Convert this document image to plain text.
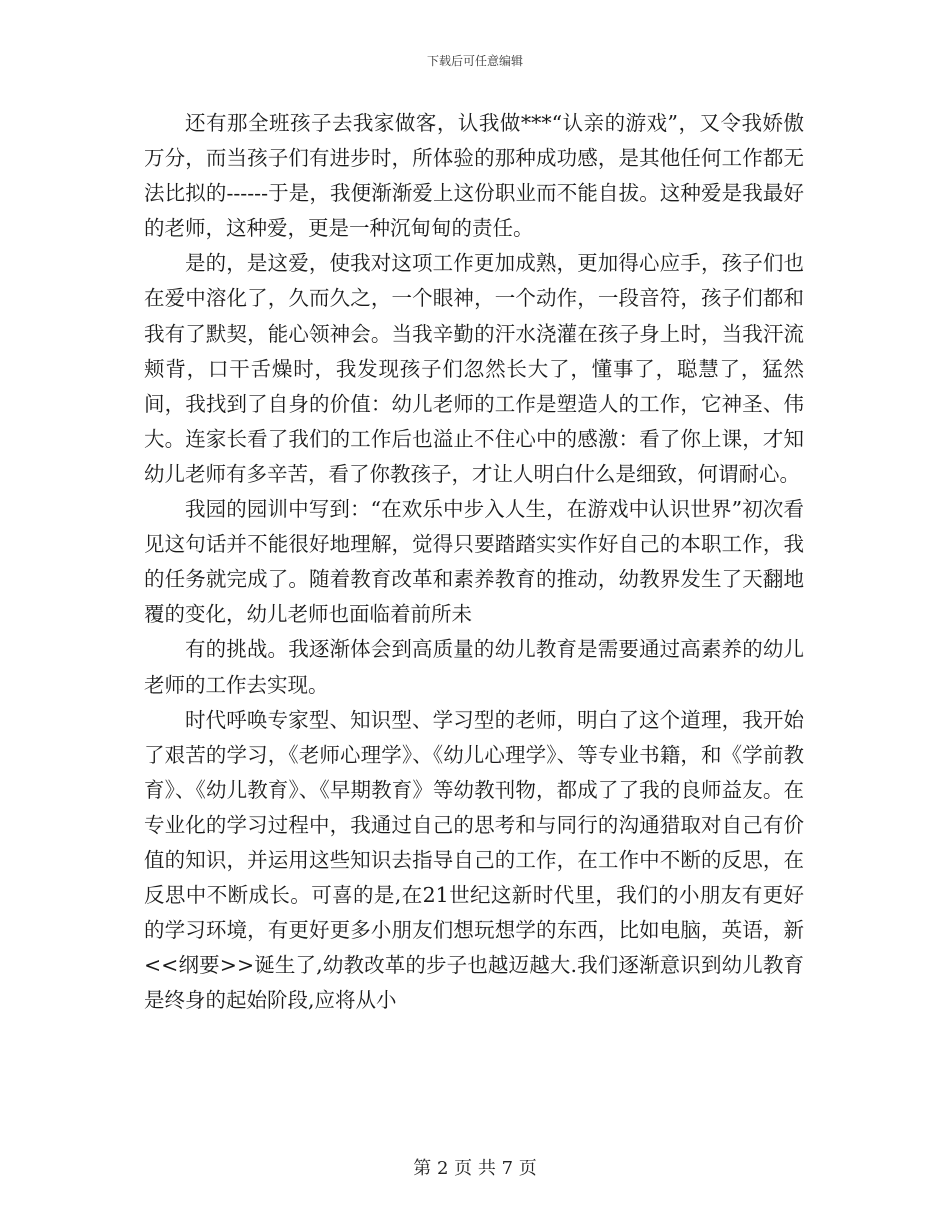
下载后可任意编辑

还有那全班孩子去我家做客，认我做***“认亲的游戏”，又令我娇傲万分，而当孩子们有进步时，所体验的那种成功感，是其他任何工作都无法比拟的------于是，我便渐渐爱上这份职业而不能自拔。这种爱是我最好的老师，这种爱，更是一种沉甸甸的责任。

是的，是这爱，使我对这项工作更加成熟，更加得心应手，孩子们也在爱中溶化了，久而久之，一个眼神，一个动作，一段音符，孩子们都和我有了默契，能心领神会。当我辛勤的汗水浇灌在孩子身上时，当我汗流颊背，口干舌燥时，我发现孩子们忽然长大了，懂事了，聪慧了，猛然间，我找到了自身的价值：幼儿老师的工作是塑造人的工作，它神圣、伟大。连家长看了我们的工作后也溢止不住心中的感激：看了你上课，才知幼儿老师有多辛苦，看了你教孩子，才让人明白什么是细致，何谓耐心。

我园的园训中写到：“在欢乐中步入人生，在游戏中认识世界”初次看见这句话并不能很好地理解，觉得只要踏踏实实作好自己的本职工作，我的任务就完成了。随着教育改革和素养教育的推动，幼教界发生了天翻地覆的变化，幼儿老师也面临着前所未

有的挑战。我逐渐体会到高质量的幼儿教育是需要通过高素养的幼儿老师的工作去实现。

时代呼唤专家型、知识型、学习型的老师，明白了这个道理，我开始了艰苦的学习，《老师心理学》、《幼儿心理学》、等专业书籍，和《学前教育》、《幼儿教育》、《早期教育》等幼教刊物，都成了了我的良师益友。在专业化的学习过程中，我通过自己的思考和与同行的沟通猎取对自己有价值的知识，并运用这些知识去指导自己的工作，在工作中不断的反思，在反思中不断成长。可喜的是,在21世纪这新时代里，我们的小朋友有更好的学习环境，有更好更多小朋友们想玩想学的东西，比如电脑，英语，新<<纲要>>诞生了,幼教改革的步子也越迈越大.我们逐渐意识到幼儿教育是终身的起始阶段,应将从小

第 2 页 共 7 页
